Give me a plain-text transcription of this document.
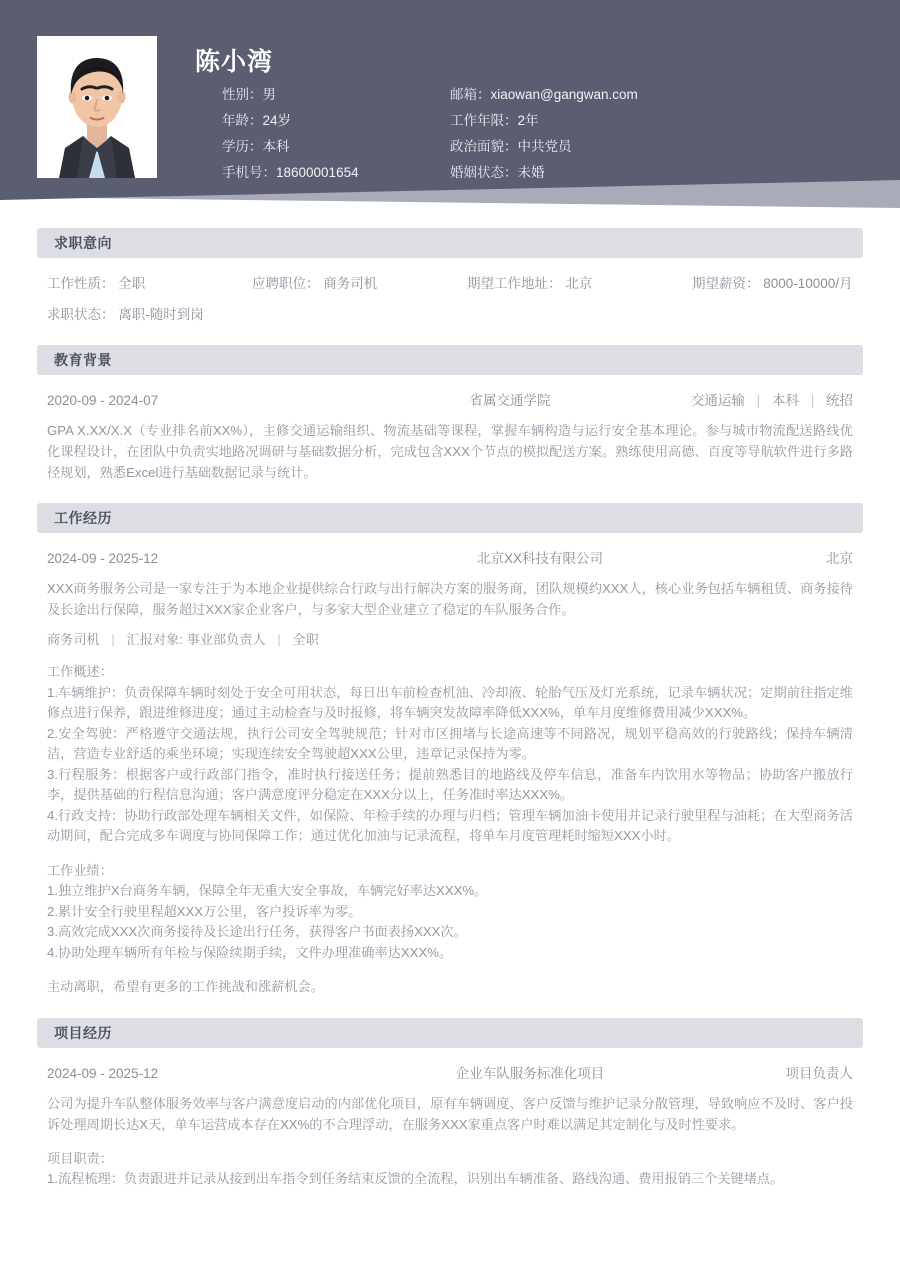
陈小湾
性别：男	邮箱：xiaowan@gangwan.com
年龄：24岁	工作年限：2年
学历：本科	政治面貌：中共党员
手机号：18600001654	婚姻状态：未婚
求职意向
工作性质： 全职	应聘职位： 商务司机	期望工作地址： 北京	期望薪资： 8000-10000/月
求职状态： 离职-随时到岗
教育背景
2020-09 - 2024-07	省属交通学院	交通运输 | 本科 | 统招

GPA X.XX/X.X（专业排名前XX%），主修交通运输组织、物流基础等课程，掌握车辆构造与运行安全基本理论。参与城市物流配送路线优化课程设计，在团队中负责实地路况调研与基础数据分析，完成包含XXX个节点的模拟配送方案。熟练使用高德、百度等导航软件进行多路径规划，熟悉Excel进行基础数据记录与统计。

工作经历
2024-09 - 2025-12	北京XX科技有限公司	北京

XXX商务服务公司是一家专注于为本地企业提供综合行政与出行解决方案的服务商，团队规模约XXX人，核心业务包括车辆租赁、商务接待及长途出行保障，服务超过XXX家企业客户，与多家大型企业建立了稳定的车队服务合作。

商务司机 | 汇报对象: 事业部负责人 | 全职

工作概述：

1.车辆维护：负责保障车辆时刻处于安全可用状态，每日出车前检查机油、冷却液、轮胎气压及灯光系统，记录车辆状况；定期前往指定维修点进行保养，跟进维修进度；通过主动检查与及时报修，将车辆突发故障率降低XXX%，单车月度维修费用减少XXX%。

2.安全驾驶：严格遵守交通法规，执行公司安全驾驶规范；针对市区拥堵与长途高速等不同路况，规划平稳高效的行驶路线；保持车辆清洁，营造专业舒适的乘坐环境；实现连续安全驾驶超XXX公里，违章记录保持为零。

3.行程服务：根据客户或行政部门指令，准时执行接送任务；提前熟悉目的地路线及停车信息，准备车内饮用水等物品；协助客户搬放行李，提供基础的行程信息沟通；客户满意度评分稳定在XXX分以上，任务准时率达XXX%。

4.行政支持：协助行政部处理车辆相关文件，如保险、年检手续的办理与归档；管理车辆加油卡使用并记录行驶里程与油耗；在大型商务活动期间，配合完成多车调度与协同保障工作；通过优化加油与记录流程，将单车月度管理耗时缩短XXX小时。

工作业绩：

1.独立维护X台商务车辆，保障全年无重大安全事故，车辆完好率达XXX%。

2.累计安全行驶里程超XXX万公里，客户投诉率为零。

3.高效完成XXX次商务接待及长途出行任务，获得客户书面表扬XXX次。

4.协助处理车辆所有年检与保险续期手续，文件办理准确率达XXX%。

主动离职，希望有更多的工作挑战和涨薪机会。

项目经历
2024-09 - 2025-12	企业车队服务标准化项目	项目负责人

公司为提升车队整体服务效率与客户满意度启动的内部优化项目，原有车辆调度、客户反馈与维护记录分散管理，导致响应不及时、客户投诉处理周期长达X天，单车运营成本存在XX%的不合理浮动，在服务XXX家重点客户时难以满足其定制化与及时性要求。

项目职责：

1.流程梳理：负责跟进并记录从接到出车指令到任务结束反馈的全流程，识别出车辆准备、路线沟通、费用报销三个关键堵点。
